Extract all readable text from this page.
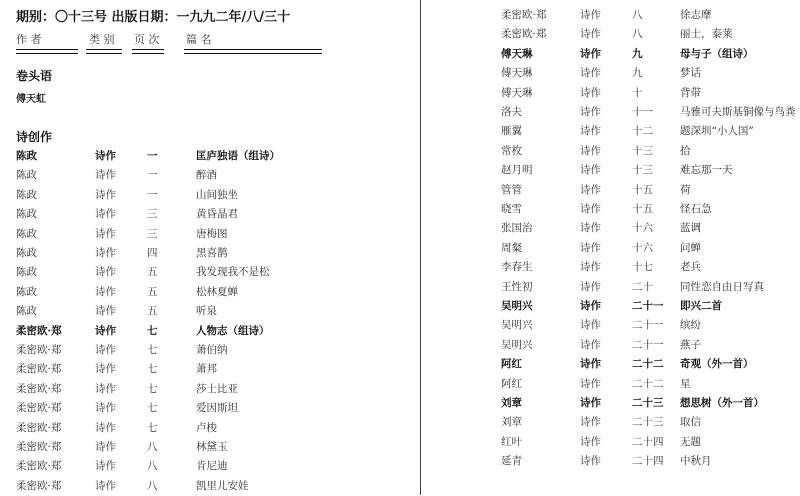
期别：〇十三号 出版日期：一九九二年/八/三十
作 者	类 别 页 次 篇 名
卷头语
傅天虹
诗创作
陈政	诗作	一	匡庐独语（组诗）
陈政	诗作	一	醉酒
陈政	诗作	一	山间独坐
陈政	诗作	三	黄昏晶君
陈政	诗作	三	唐梅图
陈政	诗作	四	黑喜鹊
陈政	诗作	五	我发现我不是松
陈政	诗作	五	松林夏蝉
陈政	诗作	五	听泉
柔密欧·郑	诗作	七	人物志（组诗）
柔密欧·郑	诗作	七	萧伯纳
柔密欧·郑	诗作	七	萧邦
柔密欧·郑	诗作	七	莎士比亚
柔密欧·郑	诗作	七	爱因斯坦
柔密欧·郑	诗作	七	卢梭
柔密欧·郑	诗作	八	林黛玉
柔密欧·郑	诗作	八	肯尼迪
柔密欧·郑	诗作	八	凯里儿安娃
柔密欧·郑	诗作	八	徐志摩
柔密欧·郑	诗作	八	丽士，泰莱
傅天琳	诗作	九	母与子（组诗）
傅天琳	诗作	九	梦话
傅天琳	诗作	十	背带
洛夫	诗作	十一	马雅可夫斯基铜像与鸟粪
雁翼	诗作	十二	题深圳“小人国”
常枚	诗作	十三	拾
赵月明	诗作	十三	难忘那一天
管管	诗作	十五	荷
晓雪	诗作	十五	怪石急
张国治	诗作	十六	蓝调
周粲	诗作	十六	问蝉
李春生	诗作	十七	老兵
王性初	诗作	二十	同性恋自由日写真
吴明兴	诗作	二十一 即兴二首
吴明兴	诗作	二十一 缤纷
吴明兴	诗作	二十一 燕子
阿红	诗作	二十二 奇观（外一首）
阿红	诗作	二十二 星
刘章	诗作	二十三 想思树（外一首）
刘章	诗作	二十三 取信
红叶	诗作	二十四 无题
延青	诗作	二十四 中秋月
